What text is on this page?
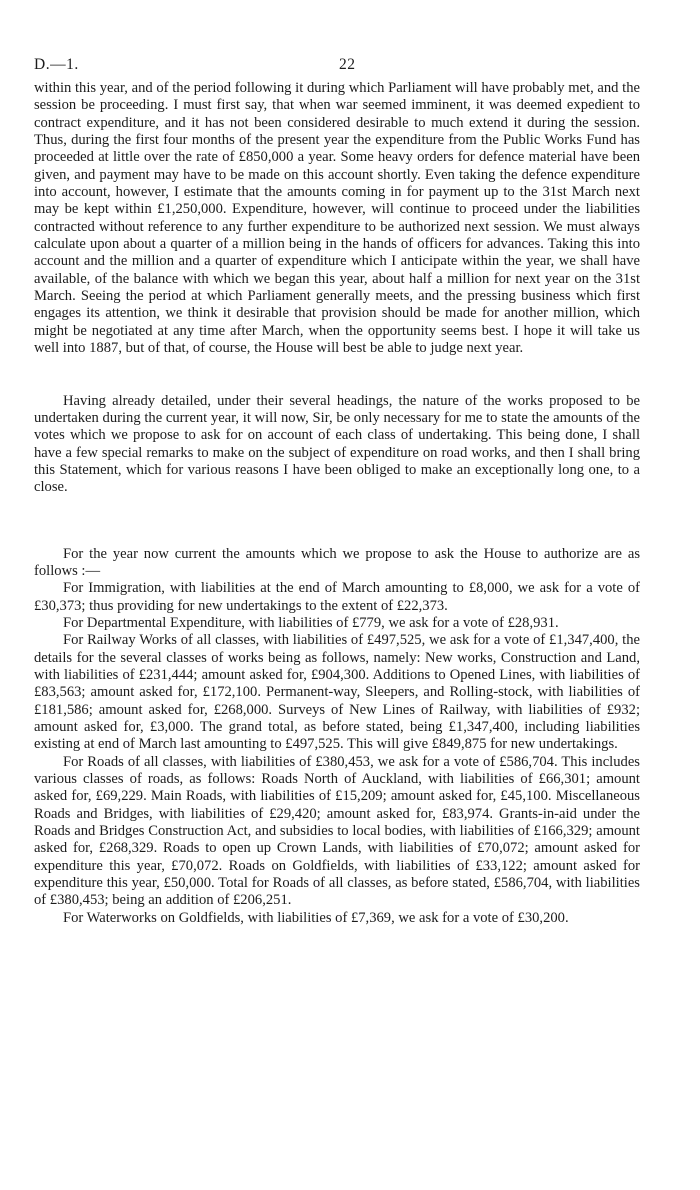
D.—1.	22

within this year, and of the period following it during which Parliament will have probably met, and the session be proceeding. I must first say, that when war seemed imminent, it was deemed expedient to contract expenditure, and it has not been considered desirable to much extend it during the session. Thus, during the first four months of the present year the expenditure from the Public Works Fund has proceeded at little over the rate of £850,000 a year. Some heavy orders for defence material have been given, and payment may have to be made on this account shortly. Even taking the defence expenditure into account, however, I estimate that the amounts coming in for payment up to the 31st March next may be kept within £1,250,000. Expenditure, however, will continue to proceed under the liabilities contracted without reference to any further expenditure to be authorized next session. We must always calculate upon about a quarter of a million being in the hands of officers for advances. Taking this into account and the million and a quarter of expenditure which I anticipate within the year, we shall have available, of the balance with which we began this year, about half a million for next year on the 31st March. Seeing the period at which Parliament generally meets, and the pressing business which first engages its attention, we think it desirable that provision should be made for another million, which might be negotiated at any time after March, when the opportunity seems best. I hope it will take us well into 1887, but of that, of course, the House will best be able to judge next year.

Having already detailed, under their several headings, the nature of the works proposed to be undertaken during the current year, it will now, Sir, be only necessary for me to state the amounts of the votes which we propose to ask for on account of each class of undertaking. This being done, I shall have a few special remarks to make on the subject of expenditure on road works, and then I shall bring this Statement, which for various reasons I have been obliged to make an exceptionally long one, to a close.

For the year now current the amounts which we propose to ask the House to authorize are as follows :—

For Immigration, with liabilities at the end of March amounting to £8,000, we ask for a vote of £30,373; thus providing for new undertakings to the extent of £22,373.

For Departmental Expenditure, with liabilities of £779, we ask for a vote of £28,931.

For Railway Works of all classes, with liabilities of £497,525, we ask for a vote of £1,347,400, the details for the several classes of works being as follows, namely: New works, Construction and Land, with liabilities of £231,444; amount asked for, £904,300. Additions to Opened Lines, with liabilities of £83,563; amount asked for, £172,100. Permanent-way, Sleepers, and Rolling-stock, with liabilities of £181,586; amount asked for, £268,000. Surveys of New Lines of Railway, with liabilities of £932; amount asked for, £3,000. The grand total, as before stated, being £1,347,400, including liabilities existing at end of March last amounting to £497,525. This will give £849,875 for new undertakings.

For Roads of all classes, with liabilities of £380,453, we ask for a vote of £586,704. This includes various classes of roads, as follows: Roads North of Auckland, with liabilities of £66,301; amount asked for, £69,229. Main Roads, with liabilities of £15,209; amount asked for, £45,100. Miscellaneous Roads and Bridges, with liabilities of £29,420; amount asked for, £83,974. Grants-in-aid under the Roads and Bridges Construction Act, and subsidies to local bodies, with liabilities of £166,329; amount asked for, £268,329. Roads to open up Crown Lands, with liabilities of £70,072; amount asked for expenditure this year, £70,072. Roads on Goldfields, with liabilities of £33,122; amount asked for expenditure this year, £50,000. Total for Roads of all classes, as before stated, £586,704, with liabilities of £380,453; being an addition of £206,251.

For Waterworks on Goldfields, with liabilities of £7,369, we ask for a vote of £30,200.
